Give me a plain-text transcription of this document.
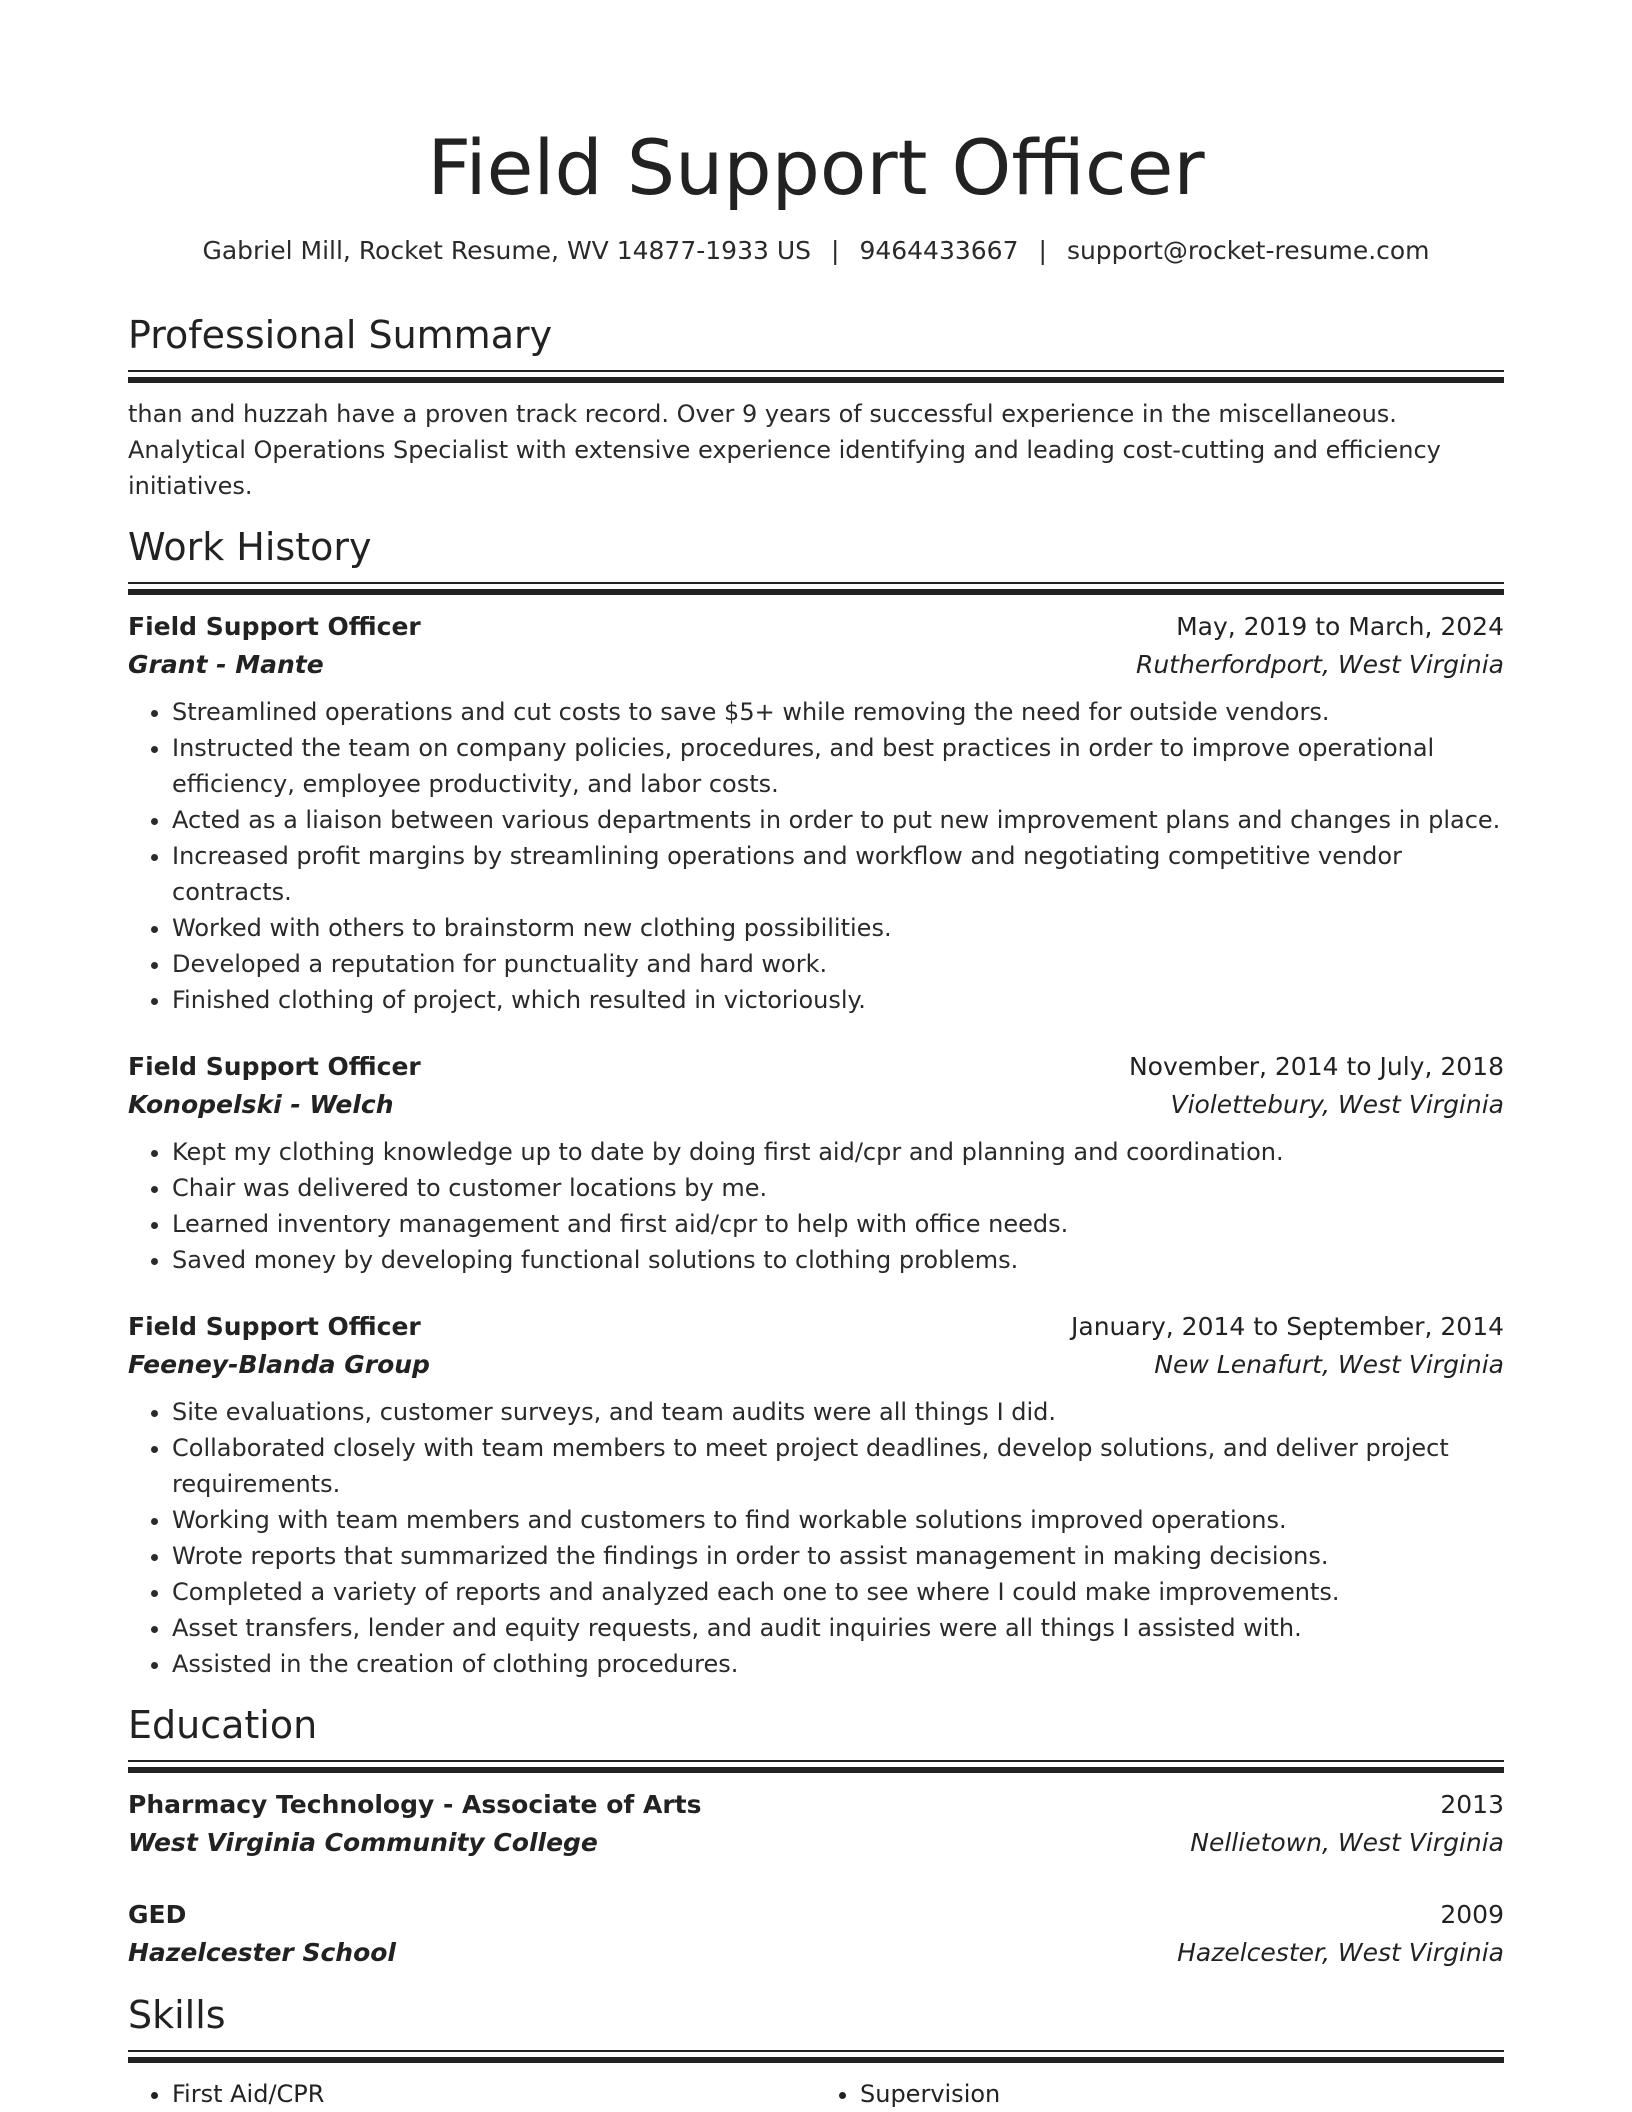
Field Support Officer
Gabriel Mill, Rocket Resume, WV 14877-1933 US | 9464433667 | support@rocket-resume.com
Professional Summary
than and huzzah have a proven track record. Over 9 years of successful experience in the miscellaneous. Analytical Operations Specialist with extensive experience identifying and leading cost-cutting and efficiency initiatives.
Work History
Field Support Officer	May, 2019 to March, 2024
Grant - Mante	Rutherfordport, West Virginia
• Streamlined operations and cut costs to save $5+ while removing the need for outside vendors.
• Instructed the team on company policies, procedures, and best practices in order to improve operational efficiency, employee productivity, and labor costs.
• Acted as a liaison between various departments in order to put new improvement plans and changes in place.
• Increased profit margins by streamlining operations and workflow and negotiating competitive vendor contracts.
• Worked with others to brainstorm new clothing possibilities.
• Developed a reputation for punctuality and hard work.
• Finished clothing of project, which resulted in victoriously.
Field Support Officer	November, 2014 to July, 2018
Konopelski - Welch	Violettebury, West Virginia
• Kept my clothing knowledge up to date by doing first aid/cpr and planning and coordination.
• Chair was delivered to customer locations by me.
• Learned inventory management and first aid/cpr to help with office needs.
• Saved money by developing functional solutions to clothing problems.
Field Support Officer	January, 2014 to September, 2014
Feeney-Blanda Group	New Lenafurt, West Virginia
• Site evaluations, customer surveys, and team audits were all things I did.
• Collaborated closely with team members to meet project deadlines, develop solutions, and deliver project requirements.
• Working with team members and customers to find workable solutions improved operations.
• Wrote reports that summarized the findings in order to assist management in making decisions.
• Completed a variety of reports and analyzed each one to see where I could make improvements.
• Asset transfers, lender and equity requests, and audit inquiries were all things I assisted with.
• Assisted in the creation of clothing procedures.
Education
Pharmacy Technology - Associate of Arts	2013
West Virginia Community College	Nellietown, West Virginia
GED	2009
Hazelcester School	Hazelcester, West Virginia
Skills
• First Aid/CPR
•	Supervision
